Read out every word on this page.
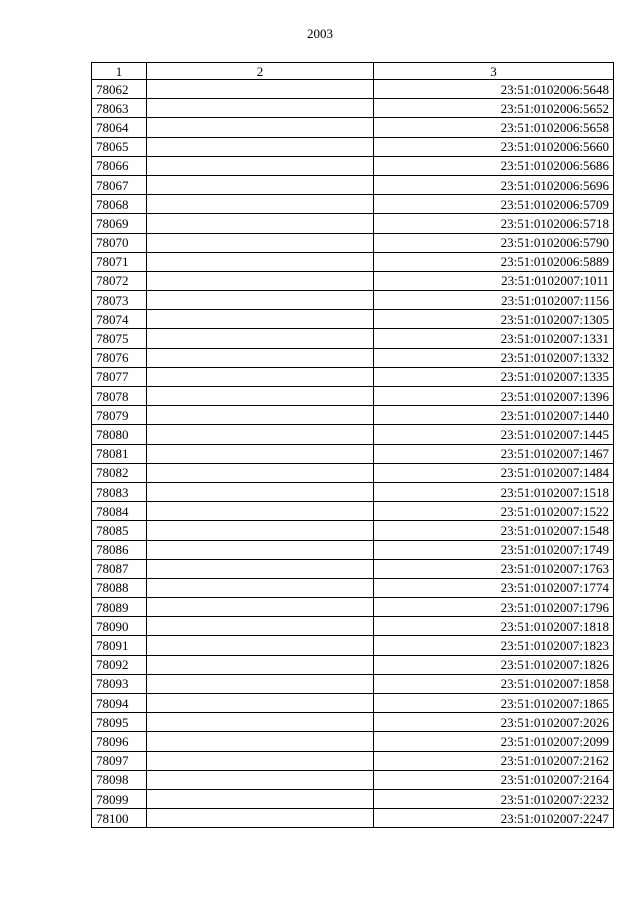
2003
1	2	3
78062		23:51:0102006:5648
78063		23:51:0102006:5652
78064		23:51:0102006:5658
78065		23:51:0102006:5660
78066		23:51:0102006:5686
78067		23:51:0102006:5696
78068		23:51:0102006:5709
78069		23:51:0102006:5718
78070		23:51:0102006:5790
78071		23:51:0102006:5889
78072		23:51:0102007:1011
78073		23:51:0102007:1156
78074		23:51:0102007:1305
78075		23:51:0102007:1331
78076		23:51:0102007:1332
78077		23:51:0102007:1335
78078		23:51:0102007:1396
78079		23:51:0102007:1440
78080		23:51:0102007:1445
78081		23:51:0102007:1467
78082		23:51:0102007:1484
78083		23:51:0102007:1518
78084		23:51:0102007:1522
78085		23:51:0102007:1548
78086		23:51:0102007:1749
78087		23:51:0102007:1763
78088		23:51:0102007:1774
78089		23:51:0102007:1796
78090		23:51:0102007:1818
78091		23:51:0102007:1823
78092		23:51:0102007:1826
78093		23:51:0102007:1858
78094		23:51:0102007:1865
78095		23:51:0102007:2026
78096		23:51:0102007:2099
78097		23:51:0102007:2162
78098		23:51:0102007:2164
78099		23:51:0102007:2232
78100		23:51:0102007:2247
